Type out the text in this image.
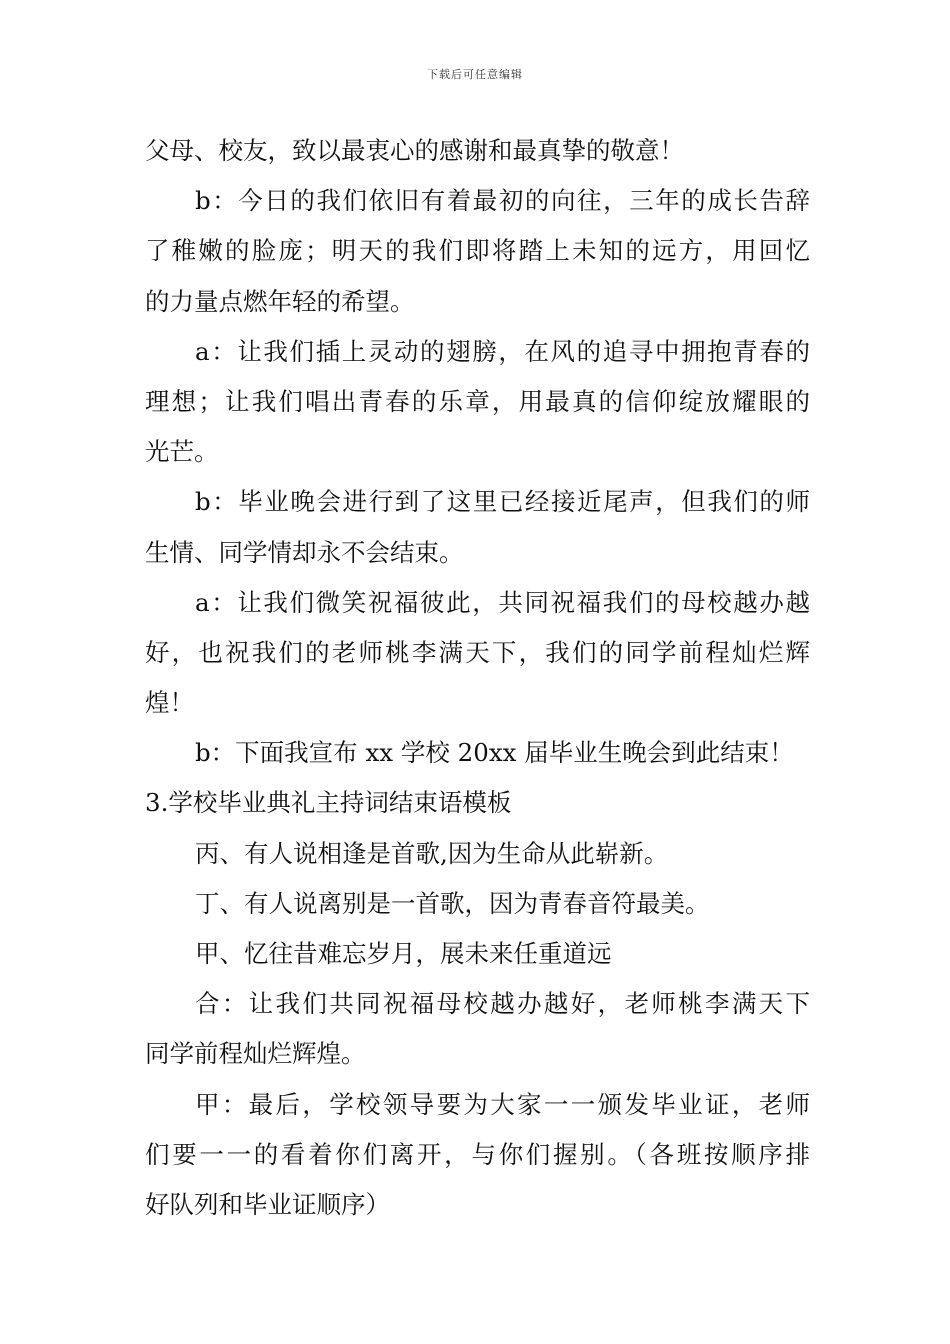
下载后可任意编辑
父母、校友，致以最衷心的感谢和最真挚的敬意！
b：今日的我们依旧有着最初的向往，三年的成长告辞
了稚嫩的脸庞；明天的我们即将踏上未知的远方，用回忆
的力量点燃年轻的希望。
a：让我们插上灵动的翅膀，在风的追寻中拥抱青春的
理想；让我们唱出青春的乐章，用最真的信仰绽放耀眼的
光芒。
b：毕业晚会进行到了这里已经接近尾声，但我们的师
生情、同学情却永不会结束。
a：让我们微笑祝福彼此，共同祝福我们的母校越办越
好，也祝我们的老师桃李满天下，我们的同学前程灿烂辉
煌！
b：下面我宣布 xx 学校 20xx 届毕业生晚会到此结束！
3.学校毕业典礼主持词结束语模板
丙、有人说相逢是首歌,因为生命从此崭新。
丁、有人说离别是一首歌，因为青春音符最美。
甲、忆往昔难忘岁月，展未来任重道远
合：让我们共同祝福母校越办越好，老师桃李满天下
同学前程灿烂辉煌。
甲：最后，学校领导要为大家一一颁发毕业证，老师
们要一一的看着你们离开，与你们握别。（各班按顺序排
好队列和毕业证顺序）
